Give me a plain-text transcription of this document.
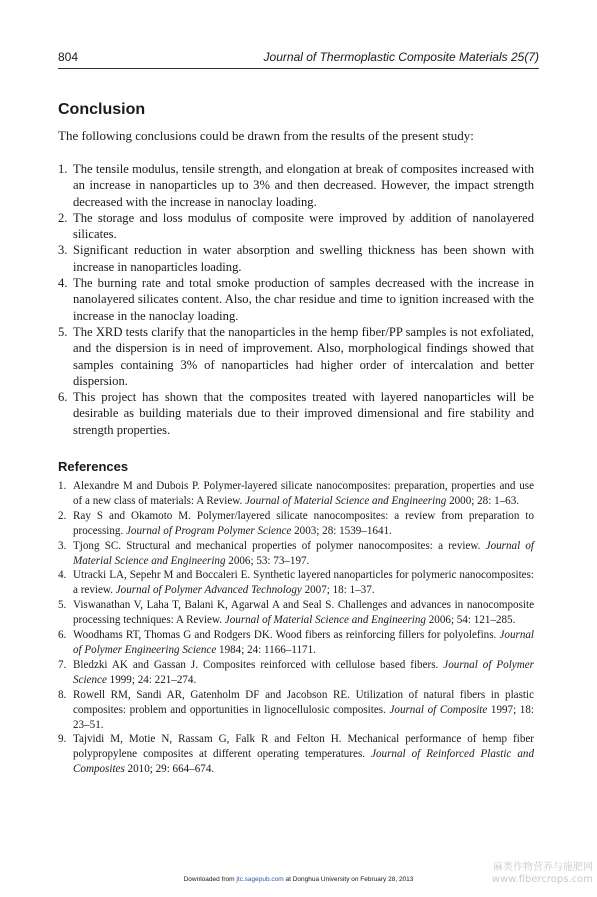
804	Journal of Thermoplastic Composite Materials 25(7)
Conclusion
The following conclusions could be drawn from the results of the present study:
1. The tensile modulus, tensile strength, and elongation at break of composites increased with an increase in nanoparticles up to 3% and then decreased. However, the impact strength decreased with the increase in nanoclay loading.
2. The storage and loss modulus of composite were improved by addition of nanolayered silicates.
3. Significant reduction in water absorption and swelling thickness has been shown with increase in nanoparticles loading.
4. The burning rate and total smoke production of samples decreased with the increase in nanolayered silicates content. Also, the char residue and time to ignition increased with the increase in the nanoclay loading.
5. The XRD tests clarify that the nanoparticles in the hemp fiber/PP samples is not exfoliated, and the dispersion is in need of improvement. Also, morphological findings showed that samples containing 3% of nanoparticles had higher order of intercalation and better dispersion.
6. This project has shown that the composites treated with layered nanoparticles will be desirable as building materials due to their improved dimensional and fire stability and strength properties.
References
1. Alexandre M and Dubois P. Polymer-layered silicate nanocomposites: preparation, properties and use of a new class of materials: A Review. Journal of Material Science and Engineering 2000; 28: 1–63.
2. Ray S and Okamoto M. Polymer/layered silicate nanocomposites: a review from preparation to processing. Journal of Program Polymer Science 2003; 28: 1539–1641.
3. Tjong SC. Structural and mechanical properties of polymer nanocomposites: a review. Journal of Material Science and Engineering 2006; 53: 73–197.
4. Utracki LA, Sepehr M and Boccaleri E. Synthetic layered nanoparticles for polymeric nanocomposites: a review. Journal of Polymer Advanced Technology 2007; 18: 1–37.
5. Viswanathan V, Laha T, Balani K, Agarwal A and Seal S. Challenges and advances in nanocomposite processing techniques: A Review. Journal of Material Science and Engineering 2006; 54: 121–285.
6. Woodhams RT, Thomas G and Rodgers DK. Wood fibers as reinforcing fillers for polyolefins. Journal of Polymer Engineering Science 1984; 24: 1166–1171.
7. Bledzki AK and Gassan J. Composites reinforced with cellulose based fibers. Journal of Polymer Science 1999; 24: 221–274.
8. Rowell RM, Sandi AR, Gatenholm DF and Jacobson RE. Utilization of natural fibers in plastic composites: problem and opportunities in lignocellulosic composites. Journal of Composite 1997; 18: 23–51.
9. Tajvidi M, Motie N, Rassam G, Falk R and Felton H. Mechanical performance of hemp fiber polypropylene composites at different operating temperatures. Journal of Reinforced Plastic and Composites 2010; 29: 664–674.
Downloaded from jtc.sagepub.com at Donghua University on February 28, 2013
麻类作物营养与施肥网
www.fibercrops.com
